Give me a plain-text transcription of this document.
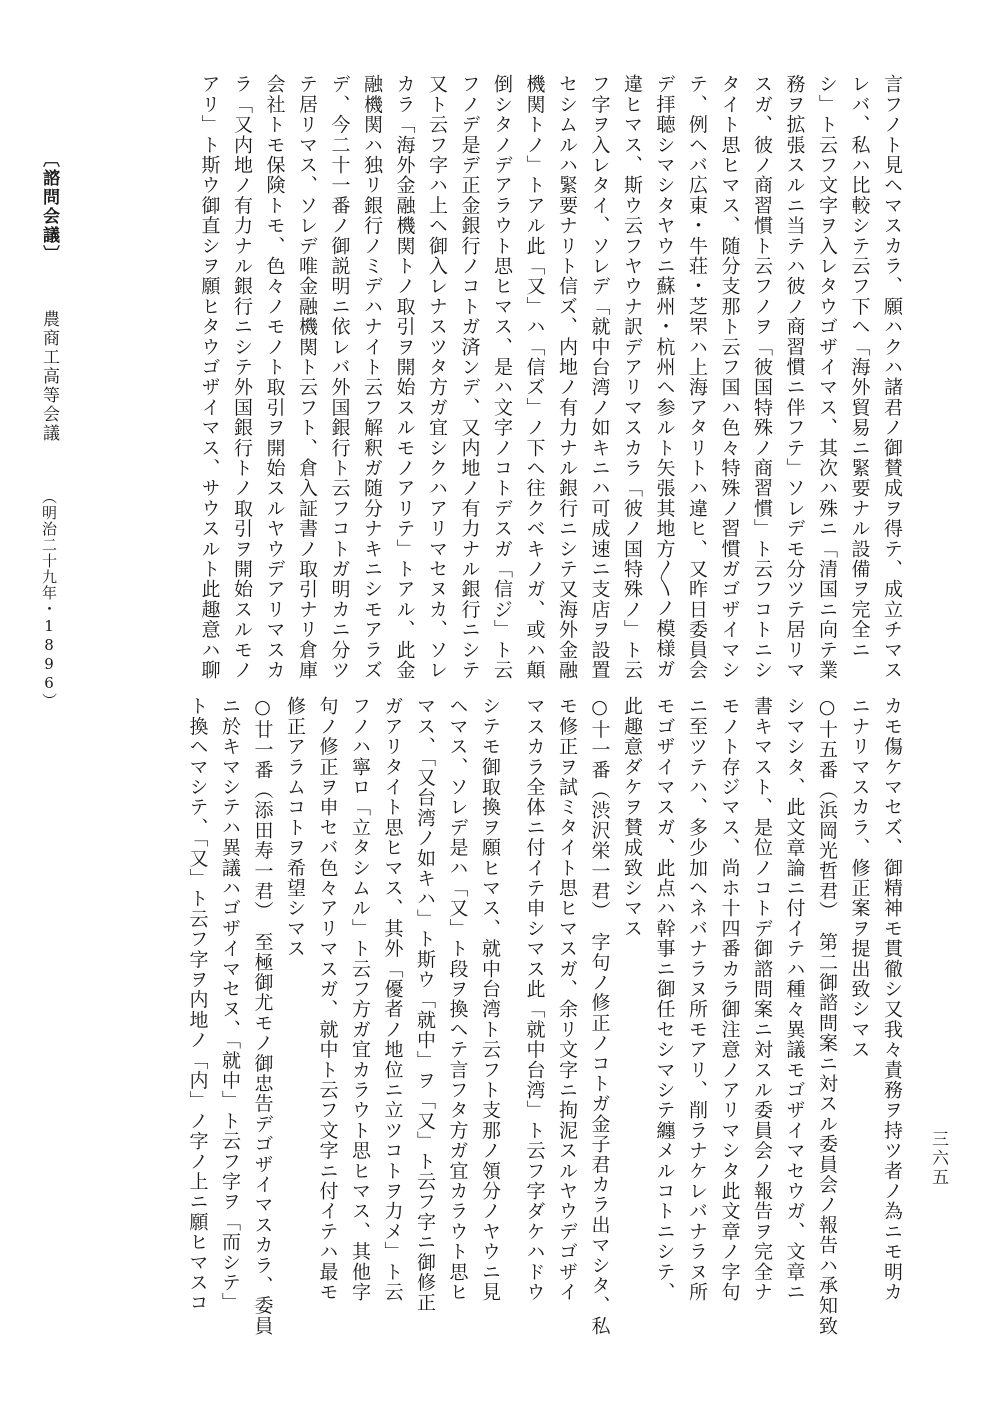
〔諮問会議〕 農商工高等会議 （明治二十九年・1896）	言フノト見ヘマスカラ、願ハクハ諸君ノ御賛成ヲ得テ、成立チマス
レバ、私ハ比較シテ云フ下ヘ「海外貿易ニ緊要ナル設備ヲ完全ニ
シ」ト云フ文字ヲ入レタウゴザイマス、其次ハ殊ニ「清国ニ向テ業
務ヲ拡張スルニ当テハ彼ノ商習慣ニ伴フテ」ソレデモ分ツテ居リマ
スガ、彼ノ商習慣ト云フノヲ「彼国特殊ノ商習慣」ト云フコトニシ
タイト思ヒマス、随分支那ト云フ国ハ色々特殊ノ習慣ガゴザイマシ
テ、例ヘバ広東・牛荘・芝罘ハ上海アタリトハ違ヒ、又昨日委員会
デ拝聴シマシタヤウニ蘇州・杭州ヘ参ルト矢張其地方〳〵ノ模様ガ
違ヒマス、斯ウ云フヤウナ訳デアリマスカラ「彼ノ国特殊ノ」ト云
フ字ヲ入レタイ、ソレデ「就中台湾ノ如キニハ可成速ニ支店ヲ設置
セシムルハ緊要ナリト信ズ、内地ノ有力ナル銀行ニシテ又海外金融
機関トノ」トアル此「又」ハ「信ズ」ノ下ヘ往クベキノガ、或ハ顛
倒シタノデアラウト思ヒマス、是ハ文字ノコトデスガ「信ジ」ト云
フノデ是デ正金銀行ノコトガ済ンデ、又内地ノ有力ナル銀行ニシテ
又ト云フ字ハ上ヘ御入レナスツタ方ガ宜シクハアリマセヌカ、ソレ
カラ「海外金融機関トノ取引ヲ開始スルモノアリテ」トアル、此金
融機関ハ独リ銀行ノミデハナイト云フ解釈ガ随分ナキニシモアラズ
デ、今二十一番ノ御説明ニ依レバ外国銀行ト云フコトガ明カニ分ツ
テ居リマス、ソレデ唯金融機関ト云フト、倉入証書ノ取引ナリ倉庫
会社トモ保険トモ、色々ノモノト取引ヲ開始スルヤウデアリマスカ
ラ「又内地ノ有力ナル銀行ニシテ外国銀行トノ取引ヲ開始スルモノ
アリ」ト斯ウ御直シヲ願ヒタウゴザイマス、サウスルト此趣意ハ聊
カモ傷ケマセズ、御精神モ貫徹シ又我々責務ヲ持ツ者ノ為ニモ明カ
ニナリマスカラ、修正案ヲ提出致シマス
○十五番（浜岡光哲君）　第二御諮問案ニ対スル委員会ノ報告ハ承知致
シマシタ、此文章論ニ付イテハ種々異議モゴザイマセウガ、文章ニ
書キマスト、是位ノコトデ御諮問案ニ対スル委員会ノ報告ヲ完全ナ
モノト存ジマス、尚ホ十四番カラ御注意ノアリマシタ此文章ノ字句
ニ至ツテハ、多少加ヘネバナラヌ所モアリ、削ラナケレバナラヌ所
モゴザイマスガ、此点ハ幹事ニ御任セシマシテ纏メルコトニシテ、
此趣意ダケヲ賛成致シマス
○十一番（渋沢栄一君）　字句ノ修正ノコトガ金子君カラ出マシタ、私
モ修正ヲ試ミタイト思ヒマスガ、余リ文字ニ拘泥スルヤウデゴザイ
マスカラ全体ニ付イテ申シマス此「就中台湾」ト云フ字ダケハドウ
シテモ御取換ヲ願ヒマス、就中台湾ト云フト支那ノ領分ノヤウニ見
ヘマス、ソレデ是ハ「又」ト段ヲ換ヘテ言フタ方ガ宜カラウト思ヒ
マス、「又台湾ノ如キハ」ト斯ウ「就中」ヲ「又」ト云フ字ニ御修正
ガアリタイト思ヒマス、其外「優者ノ地位ニ立ツコトヲ力メ」ト云
フノハ寧ロ「立タシムル」ト云フ方ガ宜カラウト思ヒマス、其他字
句ノ修正ヲ申セバ色々アリマスガ、就中ト云フ文字ニ付イテハ最モ
修正アラムコトヲ希望シマス
○廿一番（添田寿一君）　至極御尤モノ御忠告デゴザイマスカラ、委員
ニ於キマシテハ異議ハゴザイマセヌ、「就中」ト云フ字ヲ「而シテ」
ト換ヘマシテ、「又」ト云フ字ヲ内地ノ「内」ノ字ノ上ニ願ヒマスコ	三六五
